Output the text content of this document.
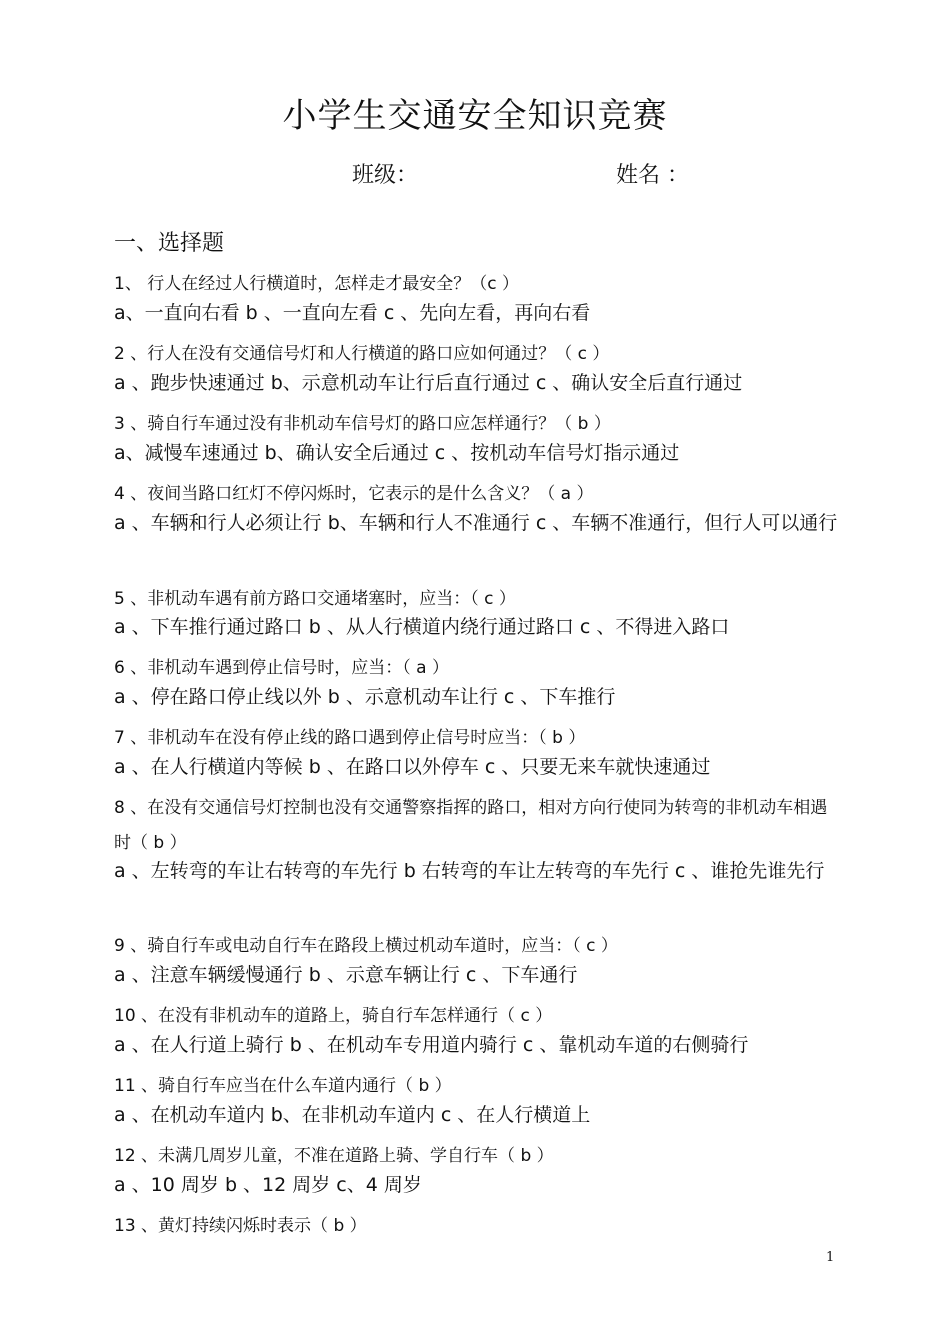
小学生交通安全知识竞赛
班级：	姓名 ：
一、选择题
1、 行人在经过人行横道时，怎样走才最安全？（c ）
a、一直向右看 b 、一直向左看 c 、先向左看，再向右看
2 、行人在没有交通信号灯和人行横道的路口应如何通过？（ c ）
a 、跑步快速通过 b、示意机动车让行后直行通过 c 、确认安全后直行通过
3 、骑自行车通过没有非机动车信号灯的路口应怎样通行？（ b ）
a、减慢车速通过 b、确认安全后通过 c 、按机动车信号灯指示通过
4 、夜间当路口红灯不停闪烁时，它表示的是什么含义？（ a ）
a 、车辆和行人必须让行 b、车辆和行人不准通行 c 、车辆不准通行，但行人可以通行
5 、非机动车遇有前方路口交通堵塞时，应当：（ c ）
a 、下车推行通过路口 b 、从人行横道内绕行通过路口 c 、不得进入路口
6 、非机动车遇到停止信号时，应当：（ a ）
a 、停在路口停止线以外 b 、示意机动车让行 c 、下车推行
7 、非机动车在没有停止线的路口遇到停止信号时应当：（ b ）
a 、在人行横道内等候 b 、在路口以外停车 c 、只要无来车就快速通过
8 、在没有交通信号灯控制也没有交通警察指挥的路口，相对方向行使同为转弯的非机动车相遇时（ b ）
a 、左转弯的车让右转弯的车先行 b 右转弯的车让左转弯的车先行 c 、谁抢先谁先行
9 、骑自行车或电动自行车在路段上横过机动车道时，应当：（ c ）
a 、注意车辆缓慢通行 b 、示意车辆让行 c 、下车通行
10 、在没有非机动车的道路上，骑自行车怎样通行（ c ）
a 、在人行道上骑行 b 、在机动车专用道内骑行 c 、靠机动车道的右侧骑行
11 、骑自行车应当在什么车道内通行（ b ）
a 、在机动车道内 b、在非机动车道内 c 、在人行横道上
12 、未满几周岁儿童，不准在道路上骑、学自行车（ b ）
a 、10 周岁 b 、12 周岁 c、4 周岁
13 、黄灯持续闪烁时表示（ b ）
1
